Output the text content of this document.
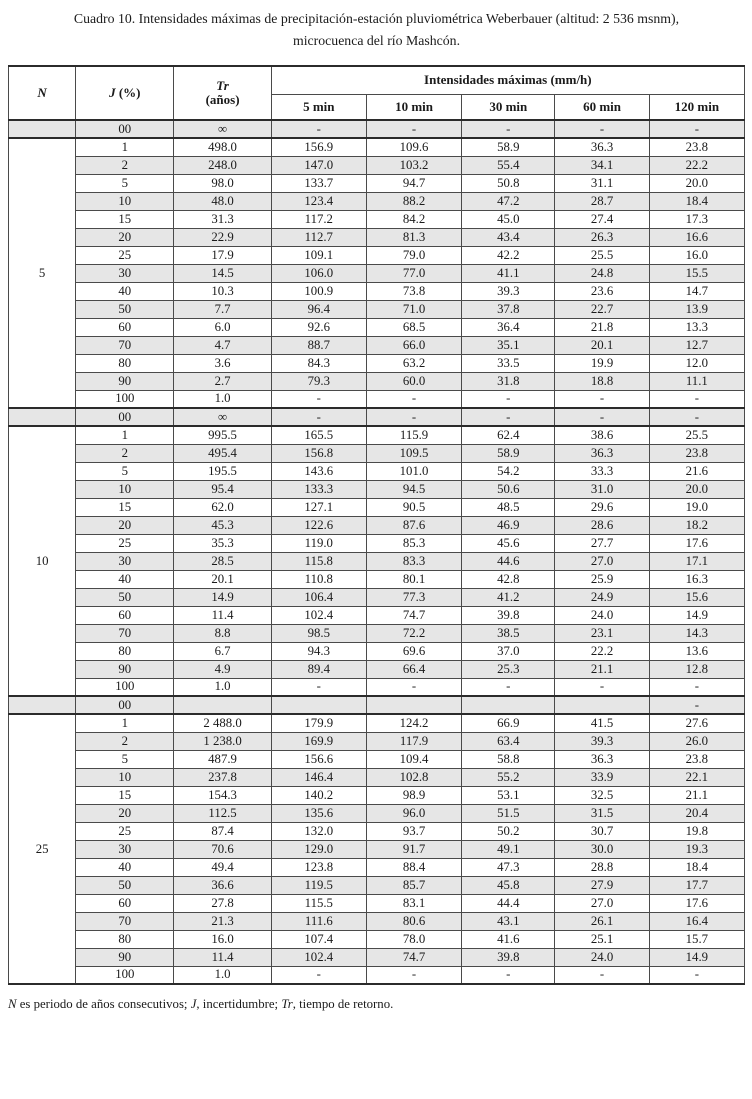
Cuadro 10. Intensidades máximas de precipitación-estación pluviométrica Weberbauer (altitud: 2 536 msnm),
microcuenca del río Mashcón.
N	J (%)	Tr
(años)	Intensidades máximas (mm/h)				
			5 min	10 min	30 min	60 min	120 min
	00	∞	-	-	-	-	-
5	1	498.0	156.9	109.6	58.9	36.3	23.8
	2	248.0	147.0	103.2	55.4	34.1	22.2
	5	98.0	133.7	94.7	50.8	31.1	20.0
	10	48.0	123.4	88.2	47.2	28.7	18.4
	15	31.3	117.2	84.2	45.0	27.4	17.3
	20	22.9	112.7	81.3	43.4	26.3	16.6
	25	17.9	109.1	79.0	42.2	25.5	16.0
	30	14.5	106.0	77.0	41.1	24.8	15.5
	40	10.3	100.9	73.8	39.3	23.6	14.7
	50	7.7	96.4	71.0	37.8	22.7	13.9
	60	6.0	92.6	68.5	36.4	21.8	13.3
	70	4.7	88.7	66.0	35.1	20.1	12.7
	80	3.6	84.3	63.2	33.5	19.9	12.0
	90	2.7	79.3	60.0	31.8	18.8	11.1
	100	1.0	-	-	-	-	-
	00	∞	-	-	-	-	-
10	1	995.5	165.5	115.9	62.4	38.6	25.5
	2	495.4	156.8	109.5	58.9	36.3	23.8
	5	195.5	143.6	101.0	54.2	33.3	21.6
	10	95.4	133.3	94.5	50.6	31.0	20.0
	15	62.0	127.1	90.5	48.5	29.6	19.0
	20	45.3	122.6	87.6	46.9	28.6	18.2
	25	35.3	119.0	85.3	45.6	27.7	17.6
	30	28.5	115.8	83.3	44.6	27.0	17.1
	40	20.1	110.8	80.1	42.8	25.9	16.3
	50	14.9	106.4	77.3	41.2	24.9	15.6
	60	11.4	102.4	74.7	39.8	24.0	14.9
	70	8.8	98.5	72.2	38.5	23.1	14.3
	80	6.7	94.3	69.6	37.0	22.2	13.6
	90	4.9	89.4	66.4	25.3	21.1	12.8
	100	1.0	-	-	-	-	-
	00						-
25	1	2 488.0	179.9	124.2	66.9	41.5	27.6
	2	1 238.0	169.9	117.9	63.4	39.3	26.0
	5	487.9	156.6	109.4	58.8	36.3	23.8
	10	237.8	146.4	102.8	55.2	33.9	22.1
	15	154.3	140.2	98.9	53.1	32.5	21.1
	20	112.5	135.6	96.0	51.5	31.5	20.4
	25	87.4	132.0	93.7	50.2	30.7	19.8
	30	70.6	129.0	91.7	49.1	30.0	19.3
	40	49.4	123.8	88.4	47.3	28.8	18.4
	50	36.6	119.5	85.7	45.8	27.9	17.7
	60	27.8	115.5	83.1	44.4	27.0	17.6
	70	21.3	111.6	80.6	43.1	26.1	16.4
	80	16.0	107.4	78.0	41.6	25.1	15.7
	90	11.4	102.4	74.7	39.8	24.0	14.9
	100	1.0	-	-	-	-	-
N es periodo de años consecutivos; J, incertidumbre; Tr, tiempo de retorno.
